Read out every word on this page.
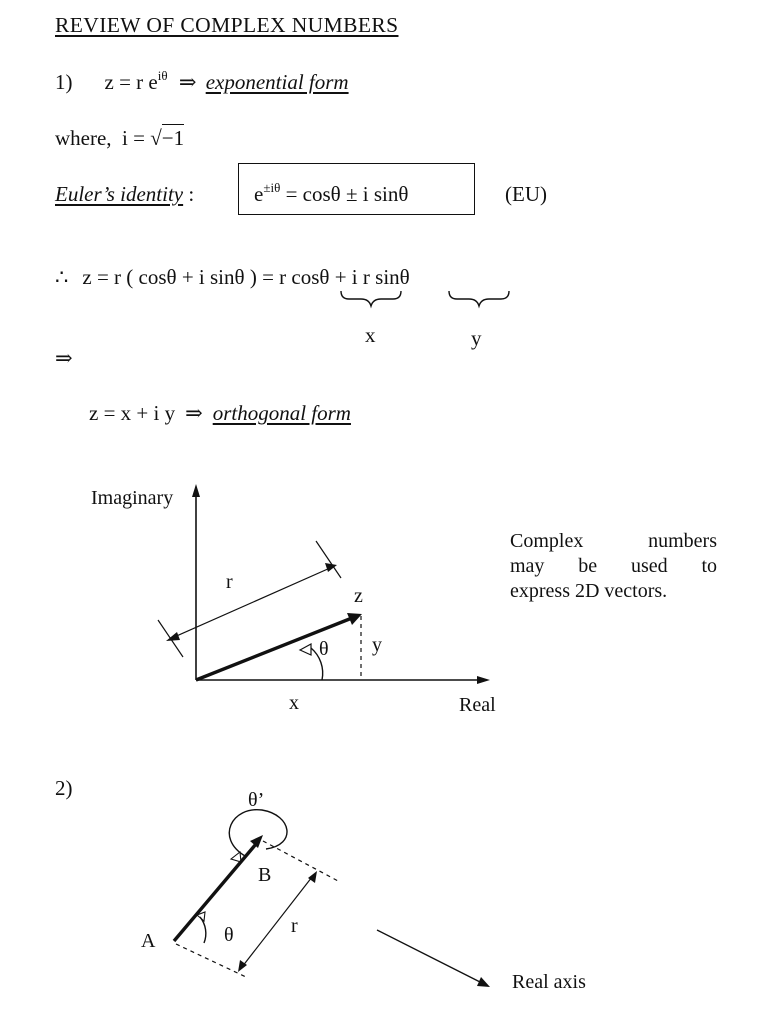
REVIEW OF COMPLEX NUMBERS
1) z = r $e^{i\theta}$ ⇒ exponential form
where,  i = √−1
Euler’s identity :	$e^{\pm i\theta} = \cos\theta \pm i$ sinθ	(EU)
∴ z = r ( cosθ + i sinθ ) = r cosθ + i r sinθ
x	y
⇒
z = x + i y ⇒ orthogonal form
Imaginary
Real
r
z
y
x
θ
Complex numbers
may be used to
express 2D vectors.
2)	θ’
B
A	θ	r
Real axis
